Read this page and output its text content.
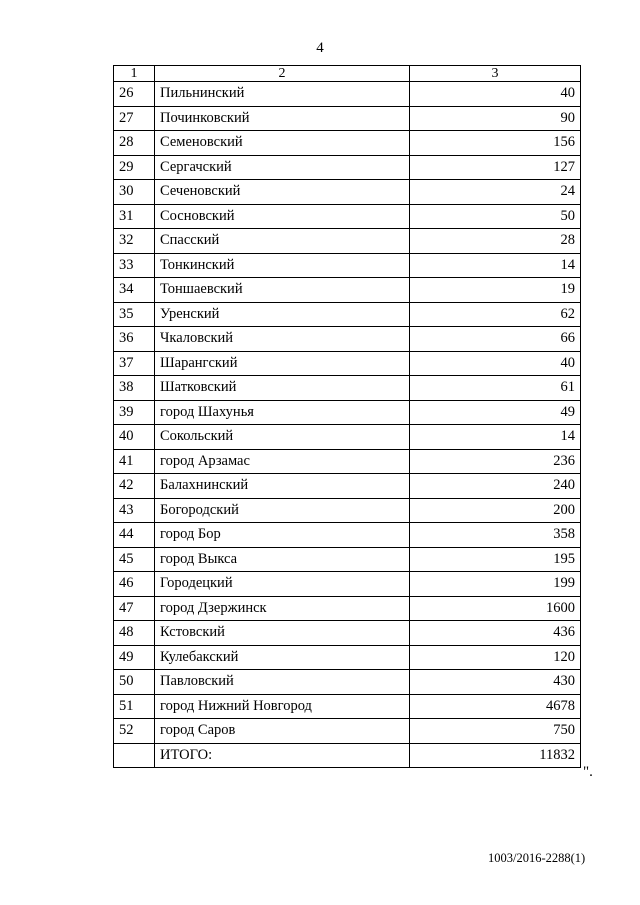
4
1	2	3
26	Пильнинский	40
27	Починковский	90
28	Семеновский	156
29	Сергачский	127
30	Сеченовский	24
31	Сосновский	50
32	Спасский	28
33	Тонкинский	14
34	Тоншаевский	19
35	Уренский	62
36	Чкаловский	66
37	Шарангский	40
38	Шатковский	61
39	город Шахунья	49
40	Сокольский	14
41	город Арзамас	236
42	Балахнинский	240
43	Богородский	200
44	город Бор	358
45	город Выкса	195
46	Городецкий	199
47	город Дзержинск	1600
48	Кстовский	436
49	Кулебакский	120
50	Павловский	430
51	город Нижний Новгород	4678
52	город Саров	750
	ИТОГО:	11832
".
1003/2016-2288(1)
